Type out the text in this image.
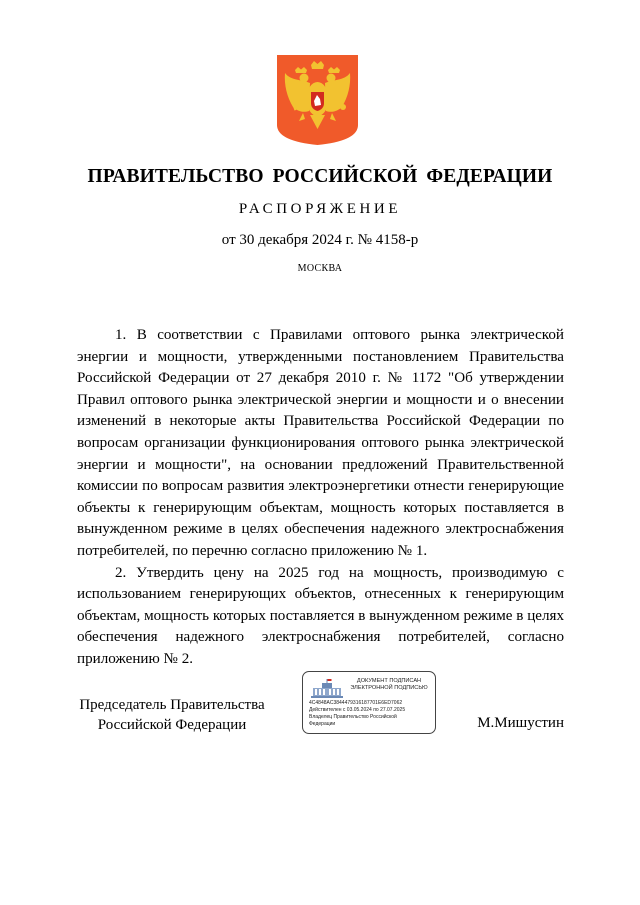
ПРАВИТЕЛЬСТВО РОССИЙСКОЙ ФЕДЕРАЦИИ
РАСПОРЯЖЕНИЕ
от 30 декабря 2024 г. № 4158-р
МОСКВА

1. В соответствии с Правилами оптового рынка электрической энергии и мощности, утвержденными постановлением Правительства Российской Федерации от 27 декабря 2010 г. № 1172 "Об утверждении Правил оптового рынка электрической энергии и мощности и о внесении изменений в некоторые акты Правительства Российской Федерации по вопросам организации функционирования оптового рынка электрической энергии и мощности", на основании предложений Правительственной комиссии по вопросам развития электроэнергетики отнести генерирующие объекты к генерирующим объектам, мощность которых поставляется в вынужденном режиме в целях обеспечения надежного электроснабжения потребителей, по перечню согласно приложению № 1.

2. Утвердить цену на 2025 год на мощность, производимую с использованием генерирующих объектов, отнесенных к генерирующим объектам, мощность которых поставляется в вынужденном режиме в целях обеспечения надежного электроснабжения потребителей, согласно приложению № 2.

Председатель Правительства
Российской Федерации
ДОКУМЕНТ ПОДПИСАН
ЭЛЕКТРОННОЙ ПОДПИСЬЮ
4C4848AC3844479316187701E6ED7062
Действителен с 03.05.2024 по 27.07.2025
Владелец Правительство Российской
Федерации	М.Мишустин
